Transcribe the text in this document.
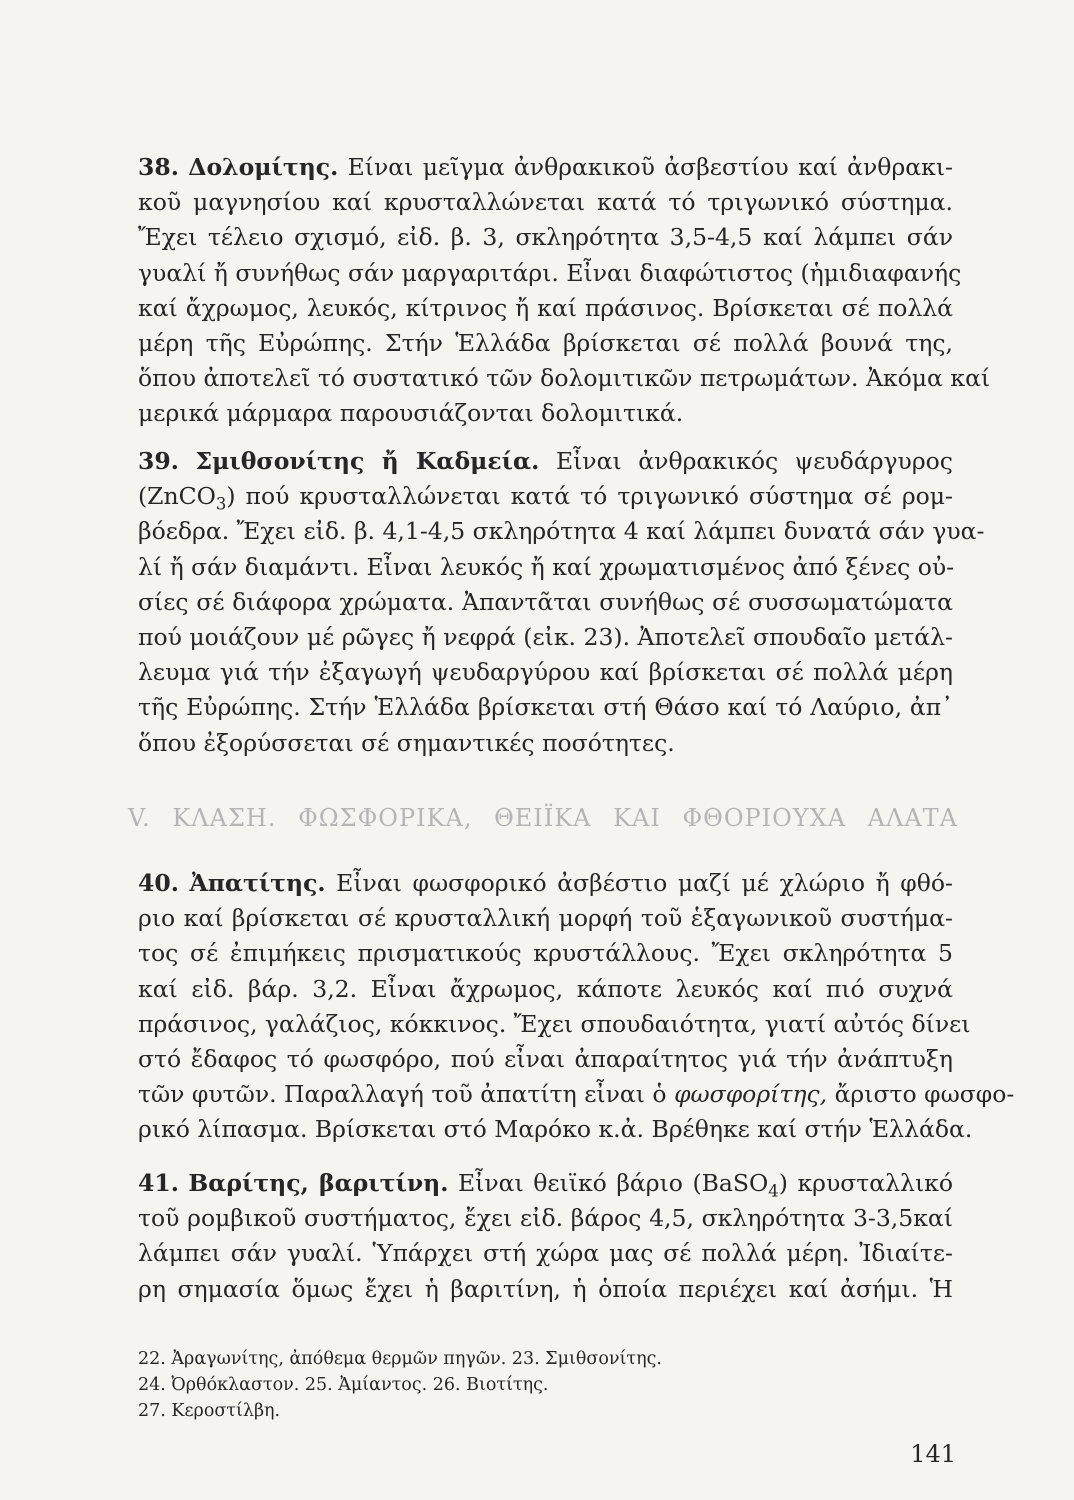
38. Δολομίτης. Είναι μεῖγμα ἀνθρακικοῦ ἀσβεστίου καί ἀνθρακι-
κοῦ μαγνησίου καί κρυσταλλώνεται κατά τό τριγωνικό σύστημα.
Ἔχει τέλειο σχισμό, εἰδ. β. 3, σκληρότητα 3,5-4,5 καί λάμπει σάν
γυαλί ἤ συνήθως σάν μαργαριτάρι. Εἶναι διαφώτιστος (ἡμιδιαφανής
καί ἄχρωμος, λευκός, κίτρινος ἤ καί πράσινος. Βρίσκεται σέ πολλά
μέρη τῆς Εὐρώπης. Στήν Ἑλλάδα βρίσκεται σέ πολλά βουνά της,
ὅπου ἀποτελεῖ τό συστατικό τῶν δολομιτικῶν πετρωμάτων. Ἀκόμα καί
μερικά μάρμαρα παρουσιάζονται δολομιτικά.
39. Σμιθσονίτης ἤ Καδμεία. Εἶναι ἀνθρακικός ψευδάργυρος
(ZnCO$_3$) πού κρυσταλλώνεται κατά τό τριγωνικό σύστημα σέ ρομ-
βόεδρα. Ἔχει εἰδ. β. 4,1-4,5 σκληρότητα 4 καί λάμπει δυνατά σάν γυα-
λί ἤ σάν διαμάντι. Εἶναι λευκός ἤ καί χρωματισμένος ἀπό ξένες οὐ-
σίες σέ διάφορα χρώματα. Ἀπαντᾶται συνήθως σέ συσσωματώματα
πού μοιάζουν μέ ρῶγες ἤ νεφρά (εἰκ. 23). Ἀποτελεῖ σπουδαῖο μετάλ-
λευμα γιά τήν ἐξαγωγή ψευδαργύρου καί βρίσκεται σέ πολλά μέρη
τῆς Εὐρώπης. Στήν Ἑλλάδα βρίσκεται στή Θάσο καί τό Λαύριο, ἀπ᾽
ὅπου ἐξορύσσεται σέ σημαντικές ποσότητες.
V. ΚΛΑΣΗ. ΦΩΣΦΟΡΙΚΑ, ΘΕΙΪΚΑ ΚΑΙ ΦΘΟΡΙΟΥΧΑ ΑΛΑΤΑ
40. Ἀπατίτης. Εἶναι φωσφορικό ἀσβέστιο μαζί μέ χλώριο ἤ φθό-
ριο καί βρίσκεται σέ κρυσταλλική μορφή τοῦ ἑξαγωνικοῦ συστήμα-
τος σέ ἐπιμήκεις πρισματικούς κρυστάλλους. Ἔχει σκληρότητα 5
καί εἰδ. βάρ. 3,2. Εἶναι ἄχρωμος, κάποτε λευκός καί πιό συχνά
πράσινος, γαλάζιος, κόκκινος. Ἔχει σπουδαιότητα, γιατί αὐτός δίνει
στό ἔδαφος τό φωσφόρο, πού εἶναι ἀπαραίτητος γιά τήν ἀνάπτυξη
τῶν φυτῶν. Παραλλαγή τοῦ ἀπατίτη εἶναι ὁ φωσφορίτης, ἄριστο φωσφο-
ρικό λίπασμα. Βρίσκεται στό Μαρόκο κ.ἀ. Βρέθηκε καί στήν Ἑλλάδα.
41. Βαρίτης, βαριτίνη. Εἶναι θειϊκό βάριο (BaSO$_4$) κρυσταλλικό
τοῦ ρομβικοῦ συστήματος, ἔχει εἰδ. βάρος 4,5, σκληρότητα 3-3,5καί
λάμπει σάν γυαλί. Ὑπάρχει στή χώρα μας σέ πολλά μέρη. Ἰδιαίτε-
ρη σημασία ὅμως ἔχει ἡ βαριτίνη, ἡ ὁποία περιέχει καί ἀσήμι. Ἡ
22. Ἀραγωνίτης, ἀπόθεμα θερμῶν πηγῶν. 23. Σμιθσονίτης.
24. Ὀρθόκλαστον. 25. Ἀμίαντος. 26. Βιοτίτης.
27. Κεροστίλβη.
141
